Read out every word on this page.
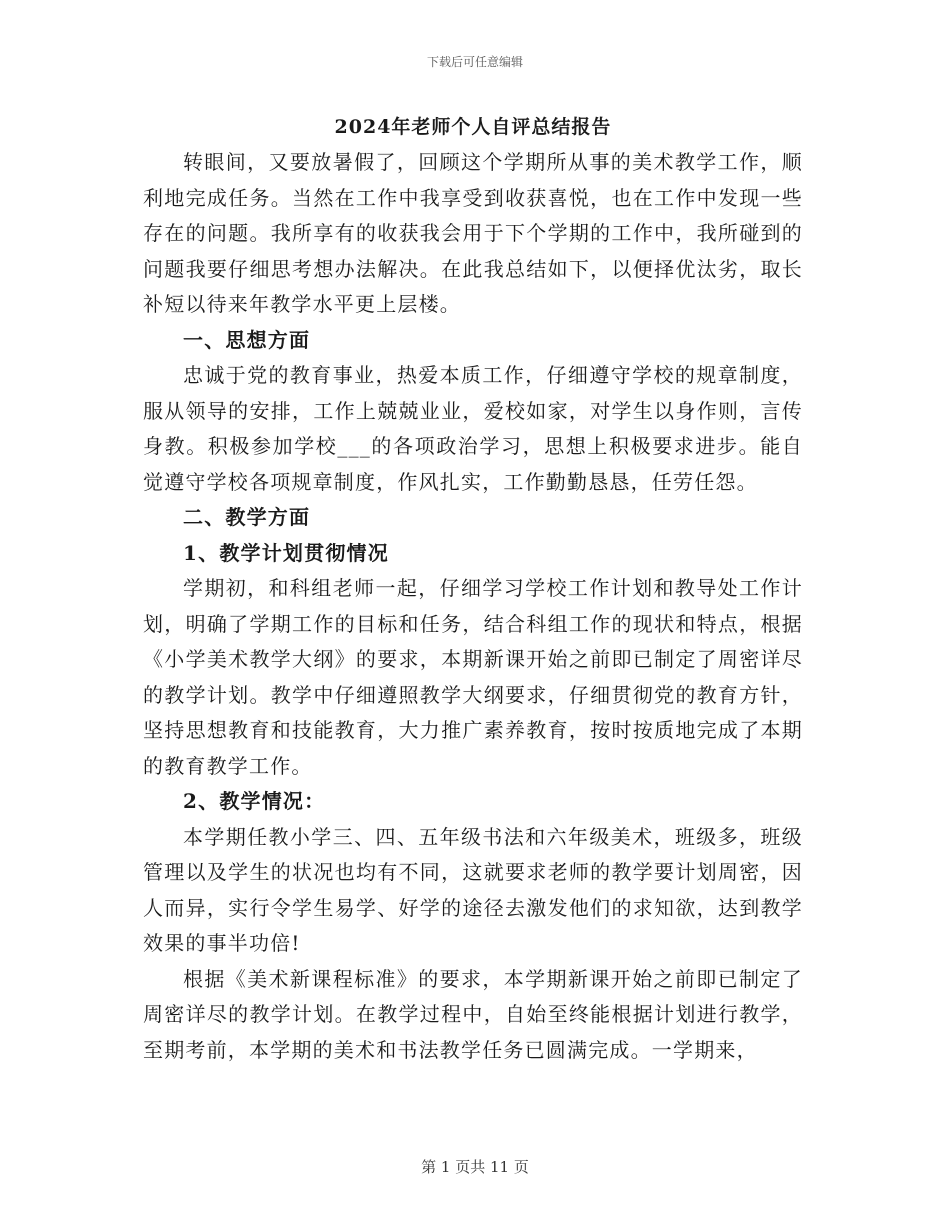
下载后可任意编辑
2024年老师个人自评总结报告

转眼间，又要放暑假了，回顾这个学期所从事的美术教学工作，顺利地完成任务。当然在工作中我享受到收获喜悦，也在工作中发现一些存在的问题。我所享有的收获我会用于下个学期的工作中，我所碰到的问题我要仔细思考想办法解决。在此我总结如下，以便择优汰劣，取长补短以待来年教学水平更上层楼。

一、思想方面

忠诚于党的教育事业，热爱本质工作，仔细遵守学校的规章制度，服从领导的安排，工作上兢兢业业，爱校如家，对学生以身作则，言传身教。积极参加学校___的各项政治学习，思想上积极要求进步。能自觉遵守学校各项规章制度，作风扎实，工作勤勤恳恳，任劳任怨。

二、教学方面

1、教学计划贯彻情况

学期初，和科组老师一起，仔细学习学校工作计划和教导处工作计划，明确了学期工作的目标和任务，结合科组工作的现状和特点，根据《小学美术教学大纲》的要求，本期新课开始之前即已制定了周密详尽的教学计划。教学中仔细遵照教学大纲要求，仔细贯彻党的教育方针，坚持思想教育和技能教育，大力推广素养教育，按时按质地完成了本期的教育教学工作。

2、教学情况：

本学期任教小学三、四、五年级书法和六年级美术，班级多，班级管理以及学生的状况也均有不同，这就要求老师的教学要计划周密，因人而异，实行令学生易学、好学的途径去激发他们的求知欲，达到教学效果的事半功倍!

根据《美术新课程标准》的要求，本学期新课开始之前即已制定了周密详尽的教学计划。在教学过程中，自始至终能根据计划进行教学，至期考前，本学期的美术和书法教学任务已圆满完成。一学期来，

第 1 页共 11 页
